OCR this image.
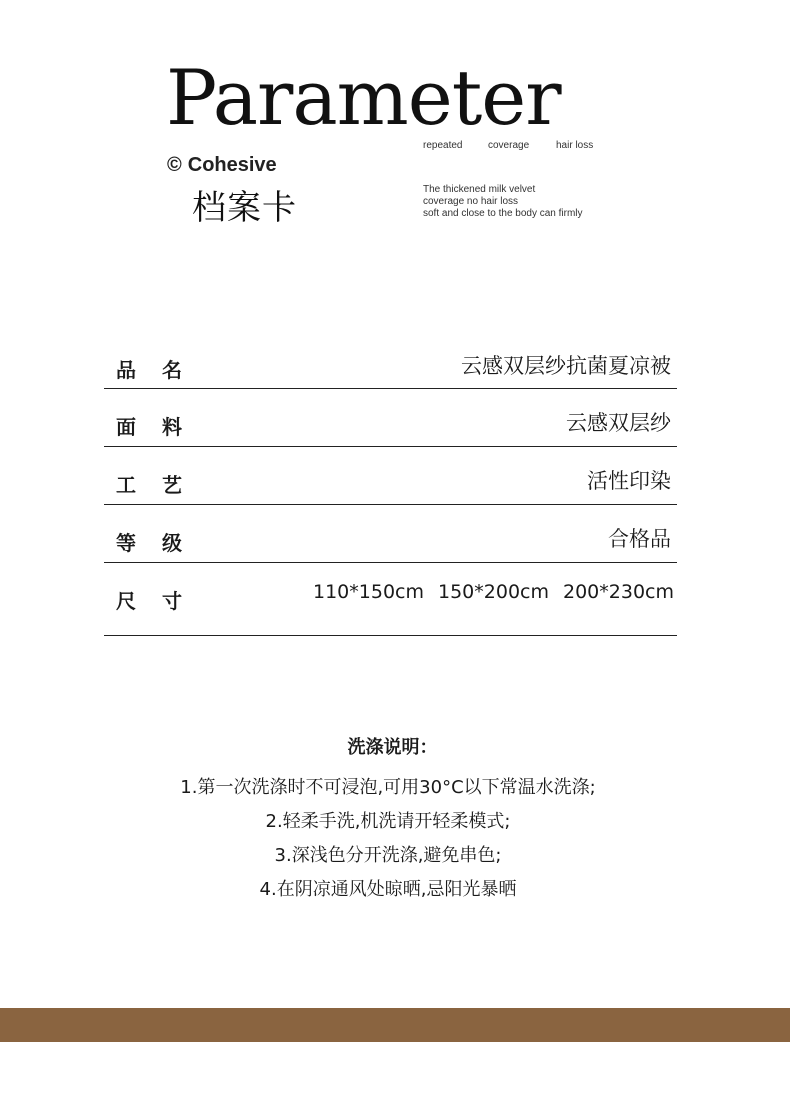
Parameter
repeated	coverage	hair loss
© Cohesive
档案卡	The thickened milk velvet
coverage no hair loss
soft and close to the body can firmly
品名	云感双层纱抗菌夏凉被
面料	云感双层纱
工艺	活性印染
等级	合格品
尺寸	110*150cm 150*200cm 200*230cm
洗涤说明：
1.第一次洗涤时不可浸泡,可用30°C以下常温水洗涤;
2.轻柔手洗,机洗请开轻柔模式;
3.深浅色分开洗涤,避免串色;
4.在阴凉通风处晾晒,忌阳光暴晒
